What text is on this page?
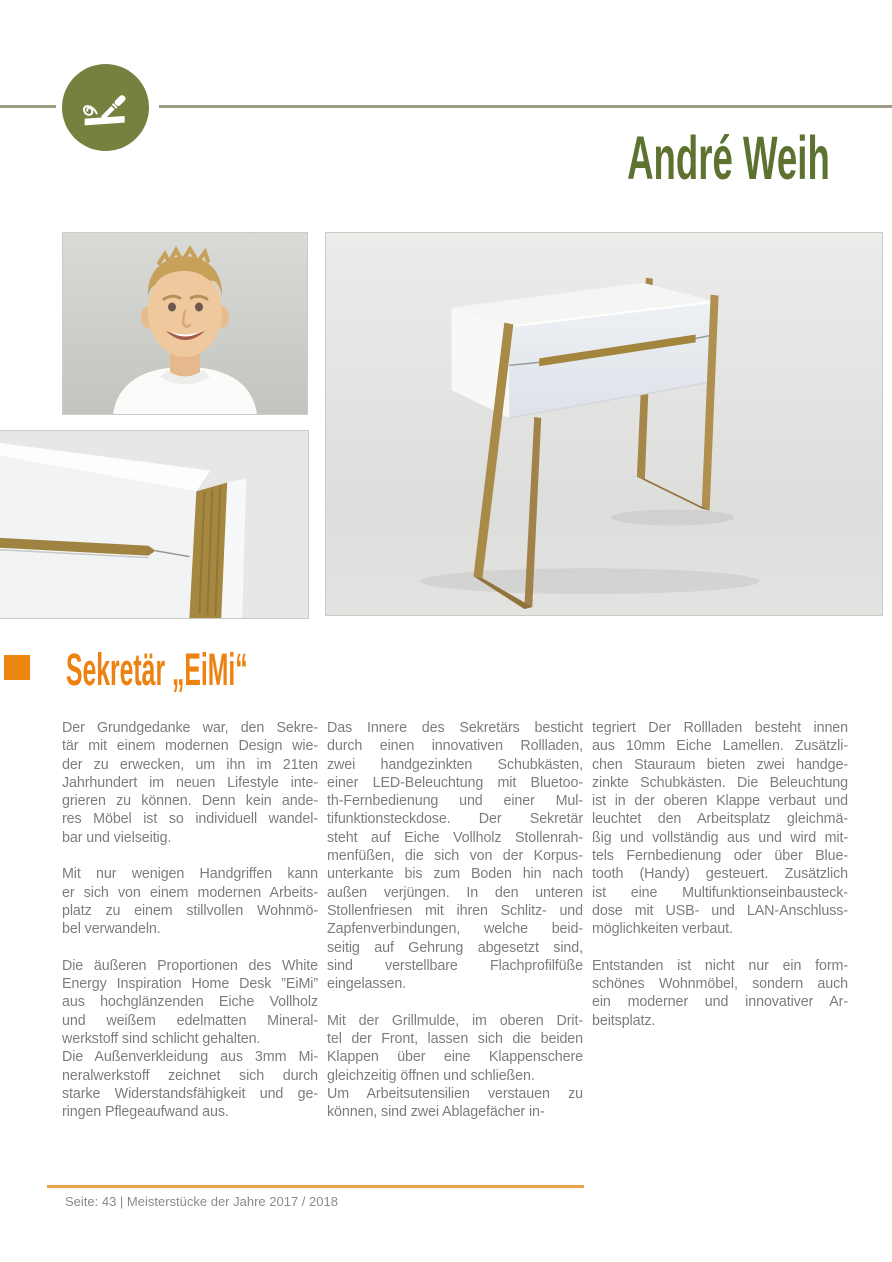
André Weih
Sekretär „EiMi“
Der Grundgedanke war, den Sekre-
tär mit einem modernen Design wie-
der zu erwecken, um ihn im 21ten
Jahrhundert im neuen Lifestyle inte-
grieren zu können. Denn kein ande-
res Möbel ist so individuell wandel-
bar und vielseitig.
Mit nur wenigen Handgriffen kann
er sich von einem modernen Arbeits-
platz zu einem stillvollen Wohnmö-
bel verwandeln.
Die äußeren Proportionen des White
Energy Inspiration Home Desk ”EiMi”
aus hochglänzenden Eiche Vollholz
und weißem edelmatten Mineral-
werkstoff sind schlicht gehalten.
Die Außenverkleidung aus 3mm Mi-
neralwerkstoff zeichnet sich durch
starke Widerstandsfähigkeit und ge-
ringen Pflegeaufwand aus.
Das Innere des Sekretärs besticht
durch einen innovativen Rollladen,
zwei handgezinkten Schubkästen,
einer LED-Beleuchtung mit Bluetoo-
th-Fernbedienung und einer Mul-
tifunktionsteckdose. Der Sekretär
steht auf Eiche Vollholz Stollenrah-
menfüßen, die sich von der Korpus-
unterkante bis zum Boden hin nach
außen verjüngen. In den unteren
Stollenfriesen mit ihren Schlitz- und
Zapfenverbindungen, welche beid-
seitig auf Gehrung abgesetzt sind,
sind verstellbare Flachprofilfüße
eingelassen.
Mit der Grillmulde, im oberen Drit-
tel der Front, lassen sich die beiden
Klappen über eine Klappenschere
gleichzeitig öffnen und schließen.
Um Arbeitsutensilien verstauen zu
können, sind zwei Ablagefächer in-
tegriert Der Rollladen besteht innen
aus 10mm Eiche Lamellen. Zusätzli-
chen Stauraum bieten zwei handge-
zinkte Schubkästen. Die Beleuchtung
ist in der oberen Klappe verbaut und
leuchtet den Arbeitsplatz gleichmä-
ßig und vollständig aus und wird mit-
tels Fernbedienung oder über Blue-
tooth (Handy) gesteuert. Zusätzlich
ist eine Multifunktionseinbausteck-
dose mit USB- und LAN-Anschluss-
möglichkeiten verbaut.
Entstanden ist nicht nur ein form-
schönes Wohnmöbel, sondern auch
ein moderner und innovativer Ar-
beitsplatz.
Seite: 43 | Meisterstücke der Jahre 2017 / 2018
